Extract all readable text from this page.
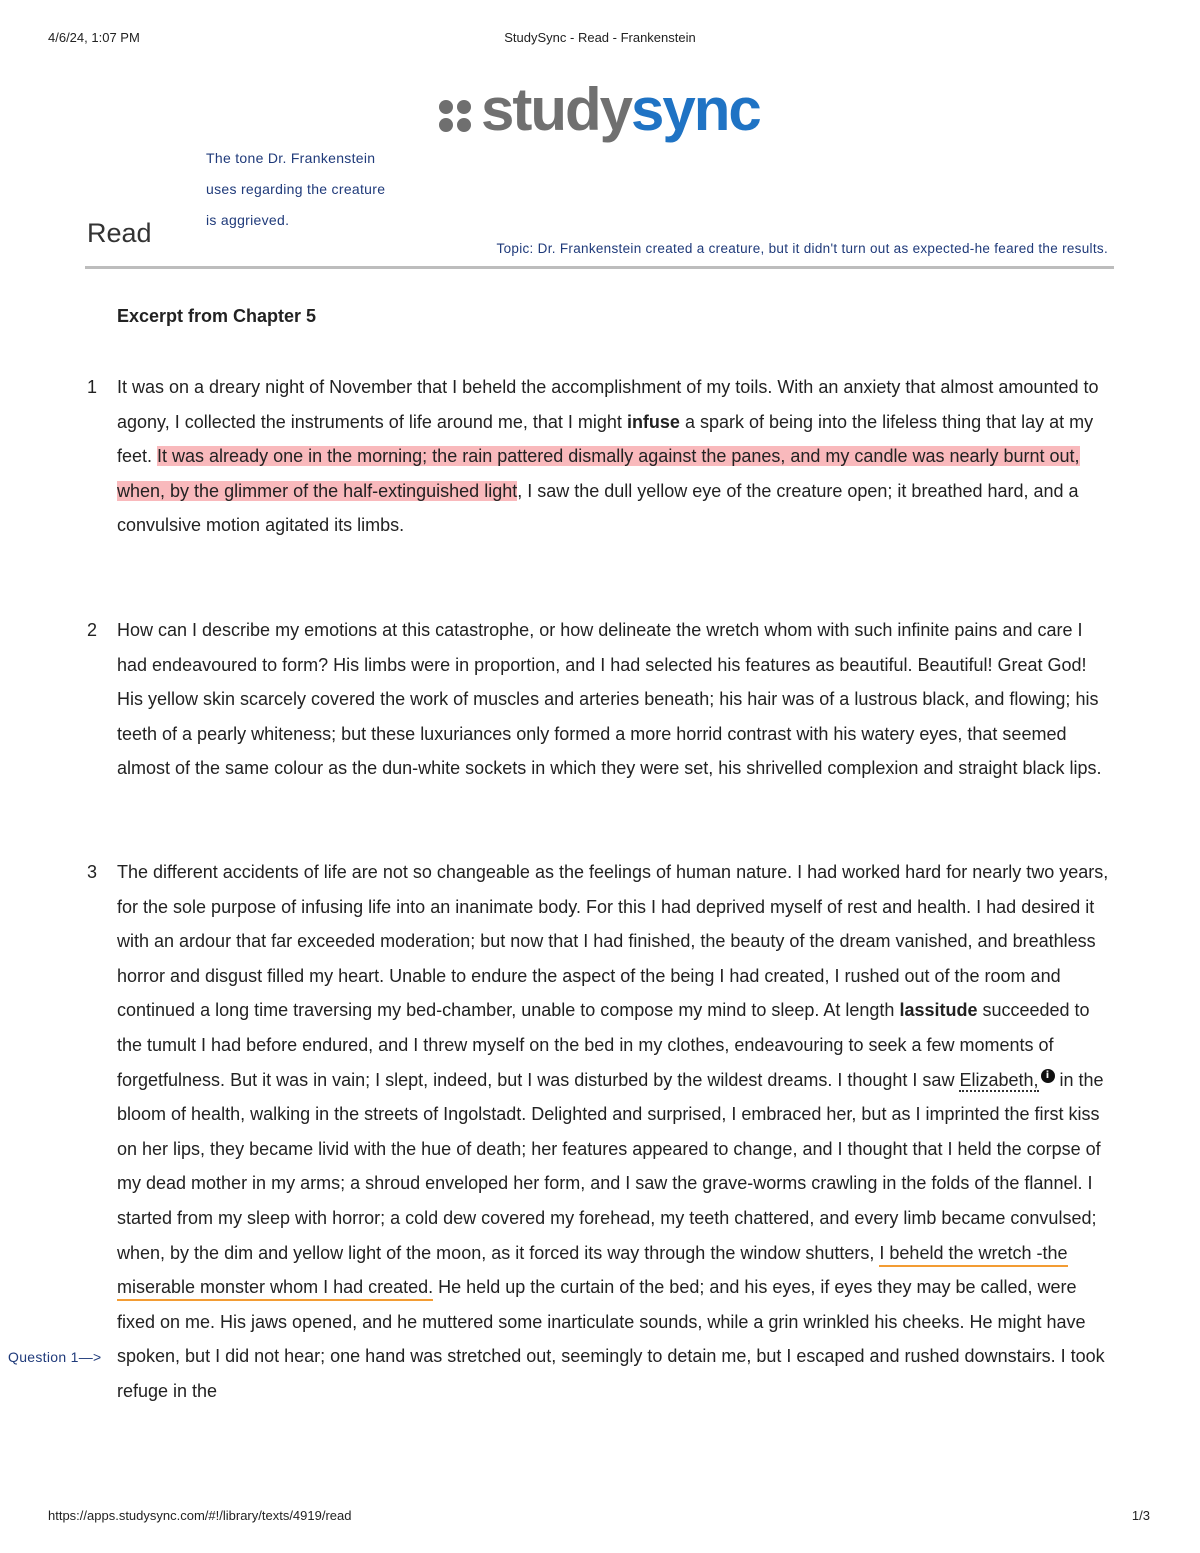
4/6/24, 1:07 PM	StudySync - Read - Frankenstein
studysync
The tone Dr. Frankenstein
uses regarding the creature
is aggrieved.
Read
Topic: Dr. Frankenstein created a creature, but it didn't turn out as expected-he feared the results.
Excerpt from Chapter 5
1 It was on a dreary night of November that I beheld the accomplishment of my toils. With an anxiety that almost amounted to agony, I collected the instruments of life around me, that I might infuse a spark of being into the lifeless thing that lay at my feet. It was already one in the morning; the rain pattered dismally against the panes, and my candle was nearly burnt out, when, by the glimmer of the half-extinguished light, I saw the dull yellow eye of the creature open; it breathed hard, and a convulsive motion agitated its limbs.

2 How can I describe my emotions at this catastrophe, or how delineate the wretch whom with such infinite pains and care I had endeavoured to form? His limbs were in proportion, and I had selected his features as beautiful. Beautiful! Great God! His yellow skin scarcely covered the work of muscles and arteries beneath; his hair was of a lustrous black, and flowing; his teeth of a pearly whiteness; but these luxuriances only formed a more horrid contrast with his watery eyes, that seemed almost of the same colour as the dun-white sockets in which they were set, his shrivelled complexion and straight black lips.

3 The different accidents of life are not so changeable as the feelings of human nature. I had worked hard for nearly two years, for the sole purpose of infusing life into an inanimate body. For this I had deprived myself of rest and health. I had desired it with an ardour that far exceeded moderation; but now that I had finished, the beauty of the dream vanished, and breathless horror and disgust filled my heart. Unable to endure the aspect of the being I had created, I rushed out of the room and continued a long time traversing my bed-chamber, unable to compose my mind to sleep. At length lassitude succeeded to the tumult I had before endured, and I threw myself on the bed in my clothes, endeavouring to seek a few moments of forgetfulness. But it was in vain; I slept, indeed, but I was disturbed by the wildest dreams. I thought I saw Elizabeth, i in the bloom of health, walking in the streets of Ingolstadt. Delighted and surprised, I embraced her, but as I imprinted the first kiss on her lips, they became livid with the hue of death; her features appeared to change, and I thought that I held the corpse of my dead mother in my arms; a shroud enveloped her form, and I saw the grave-worms crawling in the folds of the flannel. I started from my sleep with horror; a cold dew covered my forehead, my teeth chattered, and every limb became convulsed; when, by the dim and yellow light of the moon, as it forced its way through the window shutters, I beheld the wretch -the miserable monster whom I had created. He held up the curtain of the bed; and his eyes, if eyes they may be called, were fixed on me. His jaws opened, and he muttered some inarticulate sounds, while a grin wrinkled his cheeks. He might have spoken, but I did not hear; one hand was stretched out, seemingly to detain me, but I escaped and rushed downstairs. I took refuge in the

Question 1—>
https://apps.studysync.com/#!/library/texts/4919/read	1/3
